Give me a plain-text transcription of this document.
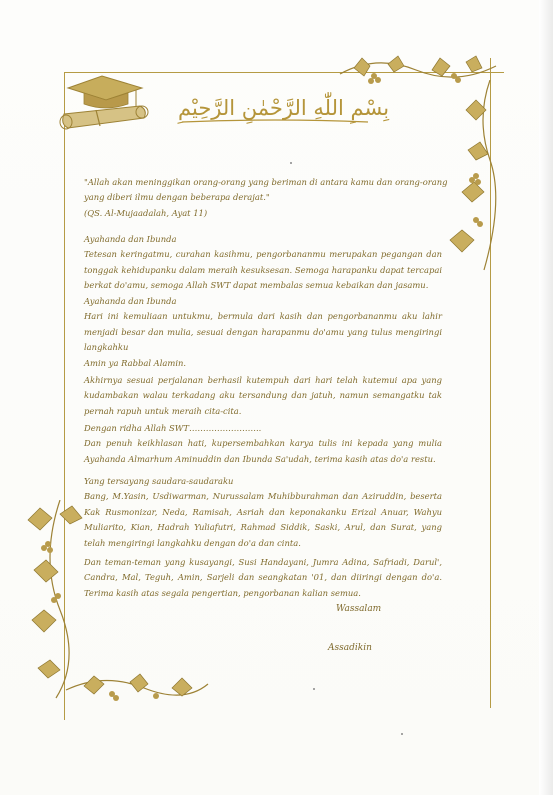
بِسْمِ اللّٰهِ الرَّحْمٰنِ الرَّحِيْمِ
"Allah akan meninggikan orang-orang yang beriman di antara kamu dan orang-orang
yang diberi ilmu dengan beberapa derajat."
(QS. Al-Mujaadalah, Ayat 11)
Ayahanda dan Ibunda
Tetesan keringatmu, curahan kasihmu, pengorbananmu merupakan pegangan dan
tonggak kehidupanku dalam meraih kesuksesan. Semoga harapanku dapat tercapai
berkat do'amu, semoga Allah SWT dapat membalas semua kebaikan dan jasamu.
Ayahanda dan Ibunda
Hari ini kemuliaan untukmu, bermula dari kasih dan pengorbananmu aku lahir
menjadi besar dan mulia, sesuai dengan harapanmu do'amu yang tulus mengiringi
langkahku
Amin ya Rabbal Alamin.
Akhirnya sesuai perjalanan berhasil kutempuh dari hari telah kutemui apa yang
kudambakan walau terkadang aku tersandung dan jatuh, namun semangatku tak
pernah rapuh untuk meraih cita-cita.
Dengan ridha Allah SWT……………………..
Dan penuh keikhlasan hati, kupersembahkan karya tulis ini kepada yang mulia
Ayahanda Almarhum Aminuddin dan Ibunda Sa'udah, terima kasih atas do'a restu.
Yang tersayang saudara-saudaraku
Bang, M.Yasin, Usdiwarman, Nurussalam Muhibburahman dan Aziruddin, beserta
Kak Rusmonizar, Neda, Ramisah, Asriah dan keponakanku Erizal Anuar, Wahyu
Muliarito, Kian, Hadrah Yuliafutri, Rahmad Siddik, Saski, Arul, dan Surat, yang
telah mengiringi langkahku dengan do'a dan cinta.
Dan teman-teman yang kusayangi, Susi Handayani, Jumra Adina, Safriadi, Darul',
Candra, Mal, Teguh, Amin, Sarjeli dan seangkatan '01, dan diiringi dengan do'a.
Terima kasih atas segala pengertian, pengorbanan kalian semua.
Wassalam
Assadikin
